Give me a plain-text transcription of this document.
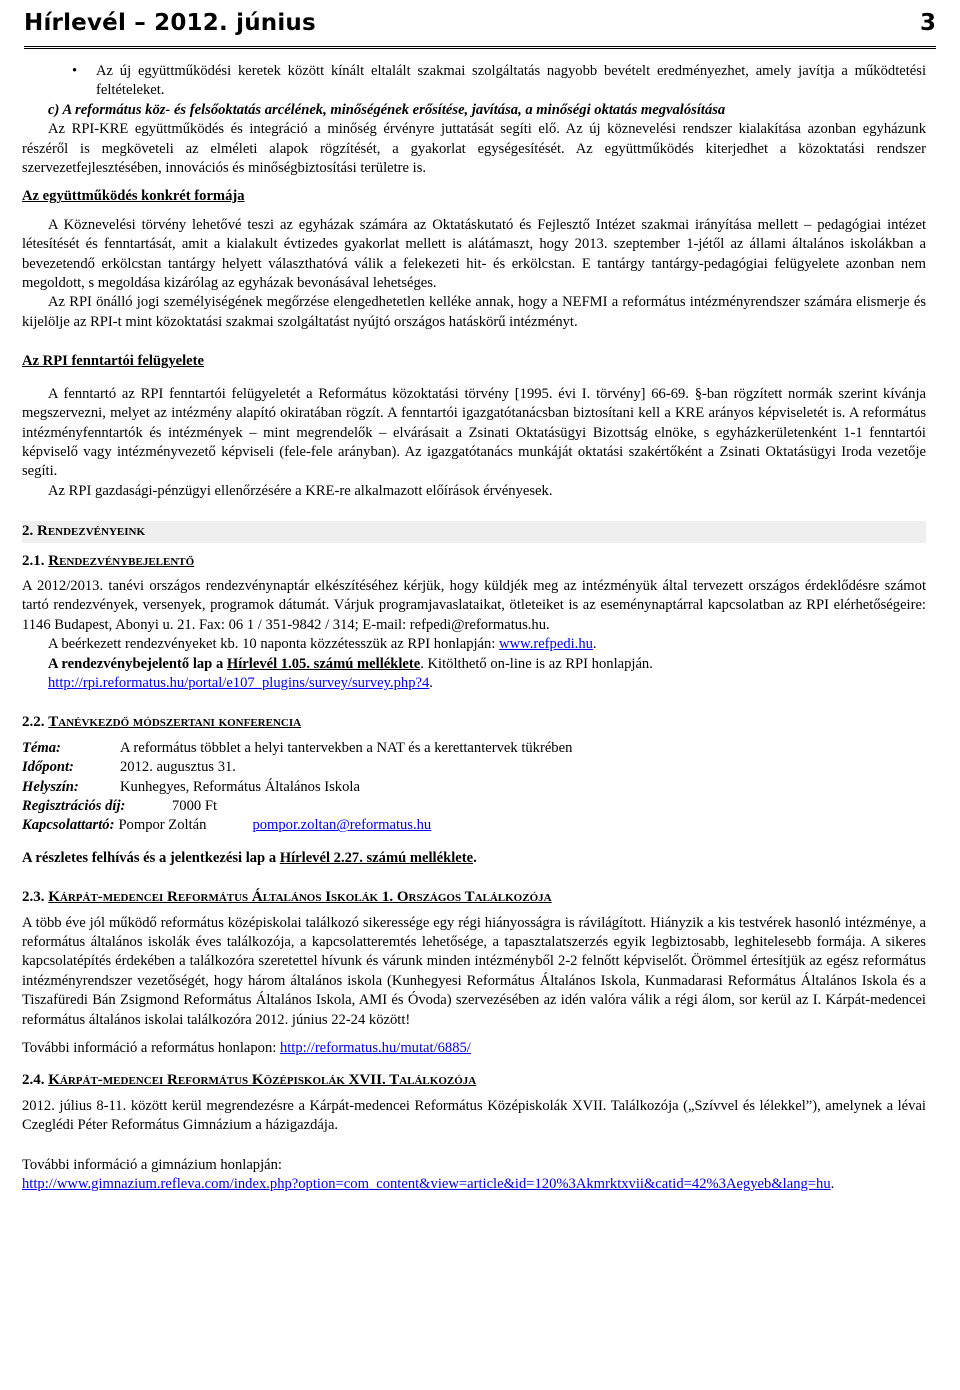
Hírlevél – 2012. június	3

• Az új együttműködési keretek között kínált eltalált szakmai szolgáltatás nagyobb bevételt eredményezhet, amely javítja a működtetési feltételeket.

c) A református köz- és felsőoktatás arcélének, minőségének erősítése, javítása, a minőségi oktatás megvalósítása

Az RPI-KRE együttműködés és integráció a minőség érvényre juttatását segíti elő. Az új köznevelési rendszer kialakítása azonban egyházunk részéről is megköveteli az elméleti alapok rögzítését, a gyakorlat egységesítését. Az együttműködés kiterjedhet a közoktatási rendszer szervezetfejlesztésében, innovációs és minőségbiztosítási területre is.

Az együttműködés konkrét formája

A Köznevelési törvény lehetővé teszi az egyházak számára az Oktatáskutató és Fejlesztő Intézet szakmai irányítása mellett – pedagógiai intézet létesítését és fenntartását, amit a kialakult évtizedes gyakorlat mellett is alátámaszt, hogy 2013. szeptember 1-jétől az állami általános iskolákban a bevezetendő erkölcstan tantárgy helyett választhatóvá válik a felekezeti hit- és erkölcstan. E tantárgy tantárgy-pedagógiai felügyelete azonban nem megoldott, s megoldása kizárólag az egyházak bevonásával lehetséges.

Az RPI önálló jogi személyiségének megőrzése elengedhetetlen kelléke annak, hogy a NEFMI a református intézményrendszer számára elismerje és kijelölje az RPI-t mint közoktatási szakmai szolgáltatást nyújtó országos hatáskörű intézményt.

Az RPI fenntartói felügyelete

A fenntartó az RPI fenntartói felügyeletét a Református közoktatási törvény [1995. évi I. törvény] 66-69. §-ban rögzített normák szerint kívánja megszervezni, melyet az intézmény alapító okiratában rögzít. A fenntartói igazgatótanácsban biztosítani kell a KRE arányos képviseletét is. A református intézményfenntartók és intézmények – mint megrendelők – elvárásait a Zsinati Oktatásügyi Bizottság elnöke, s egyházkerületenként 1-1 fenntartói képviselő vagy intézményvezető képviseli (fele-fele arányban). Az igazgatótanács munkáját oktatási szakértőként a Zsinati Oktatásügyi Iroda vezetője segíti.

Az RPI gazdasági-pénzügyi ellenőrzésére a KRE-re alkalmazott előírások érvényesek.

2. Rendezvényeink

2.1. Rendezvénybejelentő

A 2012/2013. tanévi országos rendezvénynaptár elkészítéséhez kérjük, hogy küldjék meg az intézményük által tervezett országos érdeklődésre számot tartó rendezvények, versenyek, programok dátumát. Várjuk programjavaslataikat, ötleteiket is az eseménynaptárral kapcsolatban az RPI elérhetőségeire: 1146 Budapest, Abonyi u. 21. Fax: 06 1 / 351-9842 / 314; E-mail: refpedi@reformatus.hu.

A beérkezett rendezvényeket kb. 10 naponta közzétesszük az RPI honlapján: www.refpedi.hu.

A rendezvénybejelentő lap a Hírlevél 1.05. számú melléklete. Kitölthető on-line is az RPI honlapján.

http://rpi.reformatus.hu/portal/e107_plugins/survey/survey.php?4.

2.2. Tanévkezdő módszertani konferencia

Téma:	A református többlet a helyi tantervekben a NAT és a kerettantervek tükrében
Időpont:	2012. augusztus 31.
Helyszín:	Kunhegyes, Református Általános Iskola
Regisztrációs díj:	7000 Ft
Kapcsolattartó: Pompor Zoltán	pompor.zoltan@reformatus.hu

A részletes felhívás és a jelentkezési lap a Hírlevél 2.27. számú melléklete.

2.3. Kárpát-medencei Református Általános Iskolák 1. Országos Találkozója

A több éve jól működő református középiskolai találkozó sikeressége egy régi hiányosságra is rávilágított. Hiányzik a kis testvérek hasonló intézménye, a református általános iskolák éves találkozója, a kapcsolatteremtés lehetősége, a tapasztalatszerzés egyik legbiztosabb, leghitelesebb formája. A sikeres kapcsolatépítés érdekében a találkozóra szeretettel hívunk és várunk minden intézményből 2-2 felnőtt képviselőt. Örömmel értesítjük az egész református intézményrendszer vezetőségét, hogy három általános iskola (Kunhegyesi Református Általános Iskola, Kunmadarasi Református Általános Iskola és a Tiszafüredi Bán Zsigmond Református Általános Iskola, AMI és Óvoda) szervezésében az idén valóra válik a régi álom, sor kerül az I. Kárpát-medencei református általános iskolai találkozóra 2012. június 22-24 között!

További információ a református honlapon: http://reformatus.hu/mutat/6885/

2.4. Kárpát-medencei Református Középiskolák XVII. Találkozója

2012. július 8-11. között kerül megrendezésre a Kárpát-medencei Református Középiskolák XVII. Találkozója („Szívvel és lélekkel”), amelynek a lévai Czeglédi Péter Református Gimnázium a házigazdája.

További információ a gimnázium honlapján:

http://www.gimnazium.refleva.com/index.php?option=com_content&view=article&id=120%3Akmrktxvii&catid=42%3Aegyeb&lang=hu.
